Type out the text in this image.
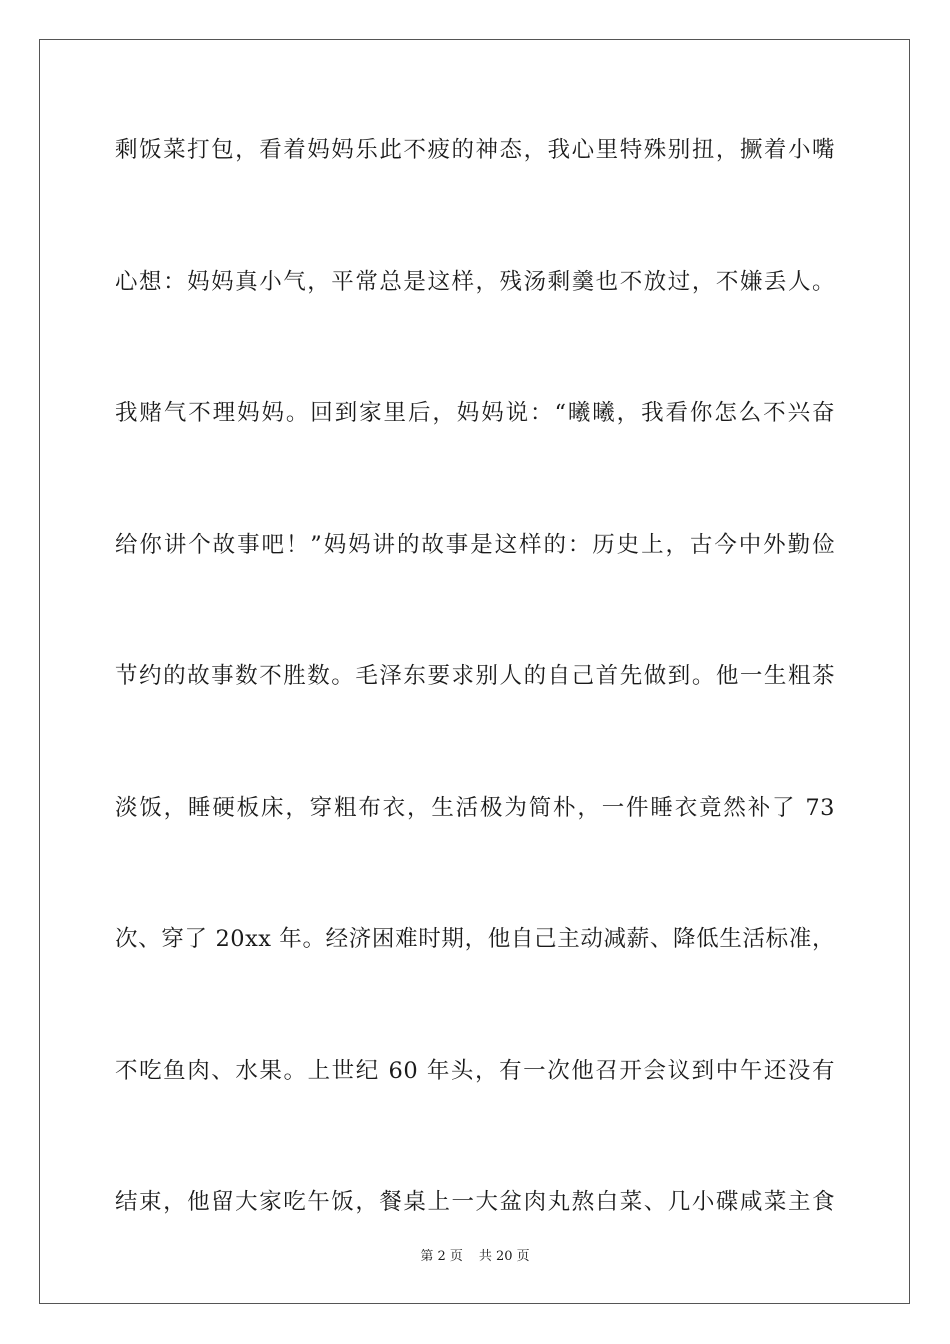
剩饭菜打包，看着妈妈乐此不疲的神态，我心里特殊别扭，撅着小嘴
心想：妈妈真小气，平常总是这样，残汤剩羹也不放过，不嫌丢人。
我赌气不理妈妈。回到家里后，妈妈说：“曦曦，我看你怎么不兴奋
给你讲个故事吧！”妈妈讲的故事是这样的：历史上，古今中外勤俭
节约的故事数不胜数。毛泽东要求别人的自己首先做到。他一生粗茶
淡饭，睡硬板床，穿粗布衣，生活极为简朴，一件睡衣竟然补了 73
次、穿了 20xx 年。经济困难时期，他自己主动减薪、降低生活标准，
不吃鱼肉、水果。上世纪 60 年头，有一次他召开会议到中午还没有
结束，他留大家吃午饭，餐桌上一大盆肉丸熬白菜、几小碟咸菜主食
第 2 页 共 20 页
